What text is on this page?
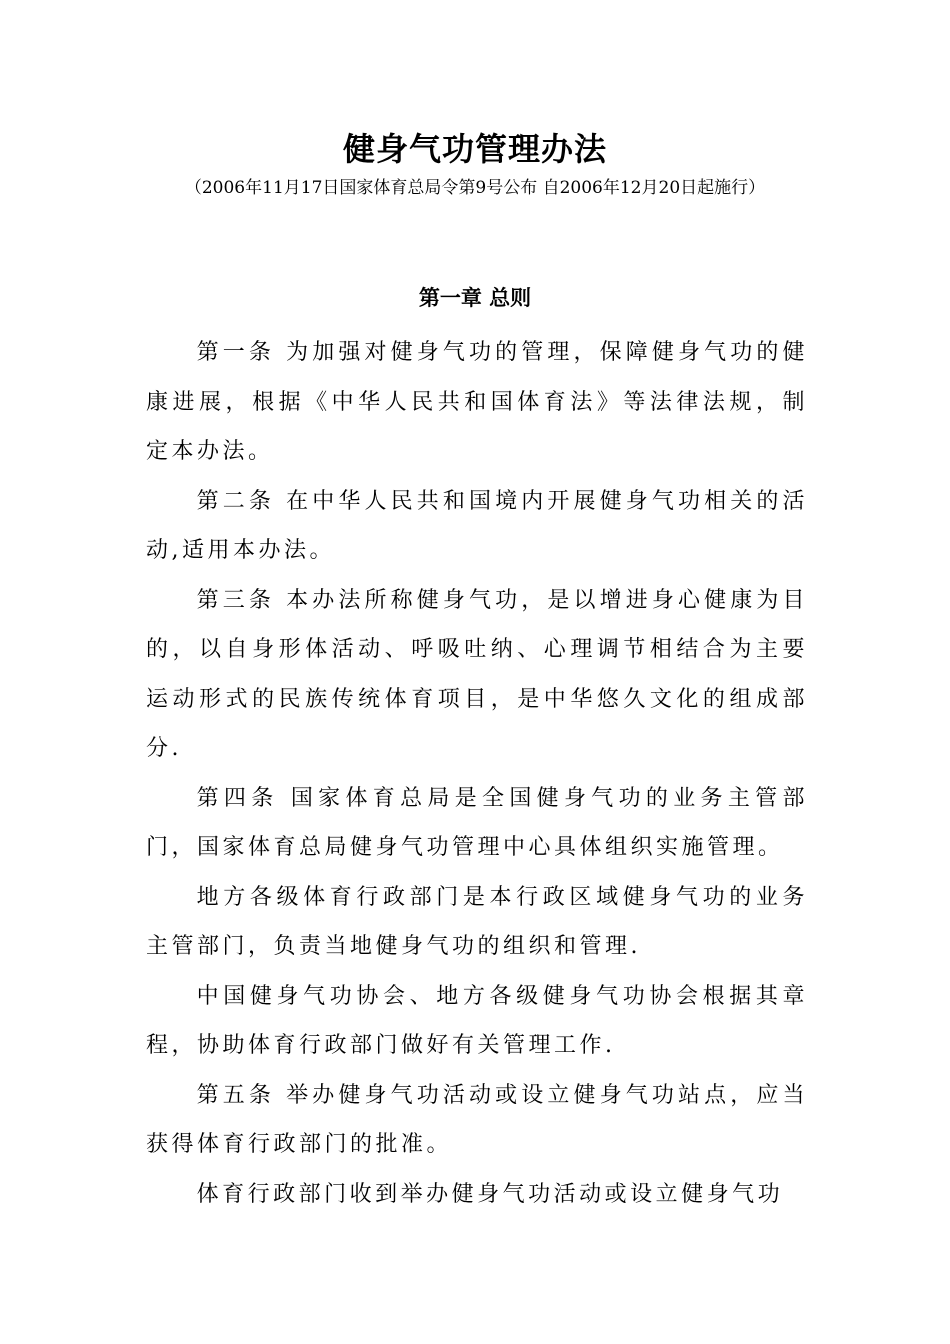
健身气功管理办法
（2006年11月17日国家体育总局令第9号公布 自2006年12月20日起施行）
第一章 总则

第一条 为加强对健身气功的管理，保障健身气功的健康进展，根据《中华人民共和国体育法》等法律法规，制定本办法。

第二条 在中华人民共和国境内开展健身气功相关的活动,适用本办法。

第三条 本办法所称健身气功，是以增进身心健康为目的，以自身形体活动、呼吸吐纳、心理调节相结合为主要运动形式的民族传统体育项目，是中华悠久文化的组成部分.

第四条 国家体育总局是全国健身气功的业务主管部门，国家体育总局健身气功管理中心具体组织实施管理。

地方各级体育行政部门是本行政区域健身气功的业务主管部门，负责当地健身气功的组织和管理.

中国健身气功协会、地方各级健身气功协会根据其章程，协助体育行政部门做好有关管理工作.

第五条 举办健身气功活动或设立健身气功站点，应当获得体育行政部门的批准。

体育行政部门收到举办健身气功活动或设立健身气功
